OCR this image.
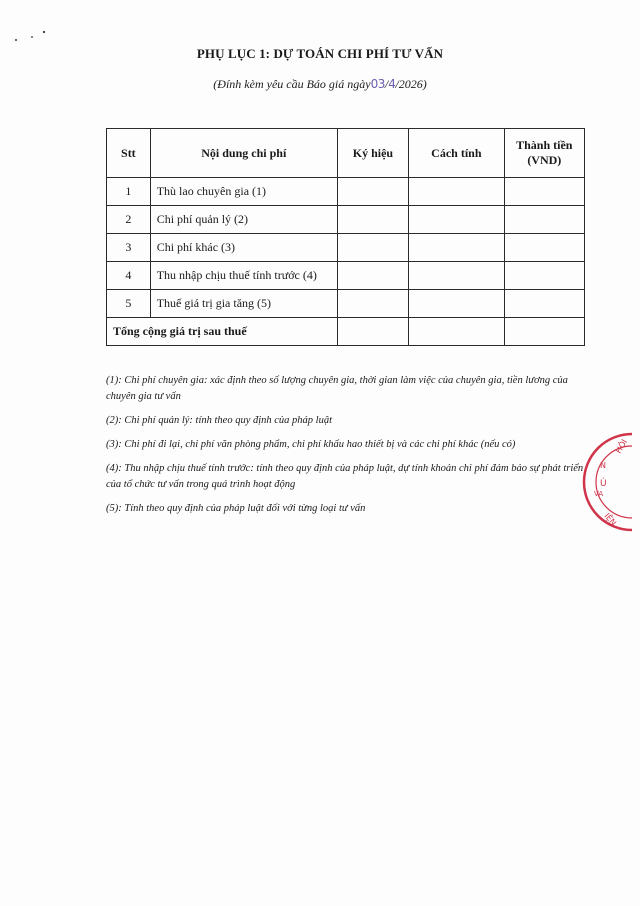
PHỤ LỤC 1: DỰ TOÁN CHI PHÍ TƯ VẤN
(Đính kèm yêu cầu Báo giá ngày03/4/2026)
Stt	Nội dung chi phí	Ký hiệu	Cách tính	Thành tiền (VND)
1	Thù lao chuyên gia (1)			
2	Chi phí quản lý (2)			
3	Chi phí khác (3)			
4	Thu nhập chịu thuế tính trước (4)			
5	Thuế giá trị gia tăng (5)			
Tổng cộng giá trị sau thuế				

(1): Chi phí chuyên gia: xác định theo số lượng chuyên gia, thời gian làm việc của chuyên gia, tiền lương của chuyên gia tư vấn

(2): Chi phí quản lý: tính theo quy định của pháp luật

(3): Chi phí đi lại, chi phí văn phòng phẩm, chi phí khấu hao thiết bị và các chi phí khác (nếu có)

(4): Thu nhập chịu thuế tính trước: tính theo quy định của pháp luật, dự tính khoản chi phí đảm bảo sự phát triển của tổ chức tư vấn trong quá trình hoạt động

(5): Tính theo quy định của pháp luật đối với từng loại tư vấn

HỘI
N
Ú
VA
IỆN
